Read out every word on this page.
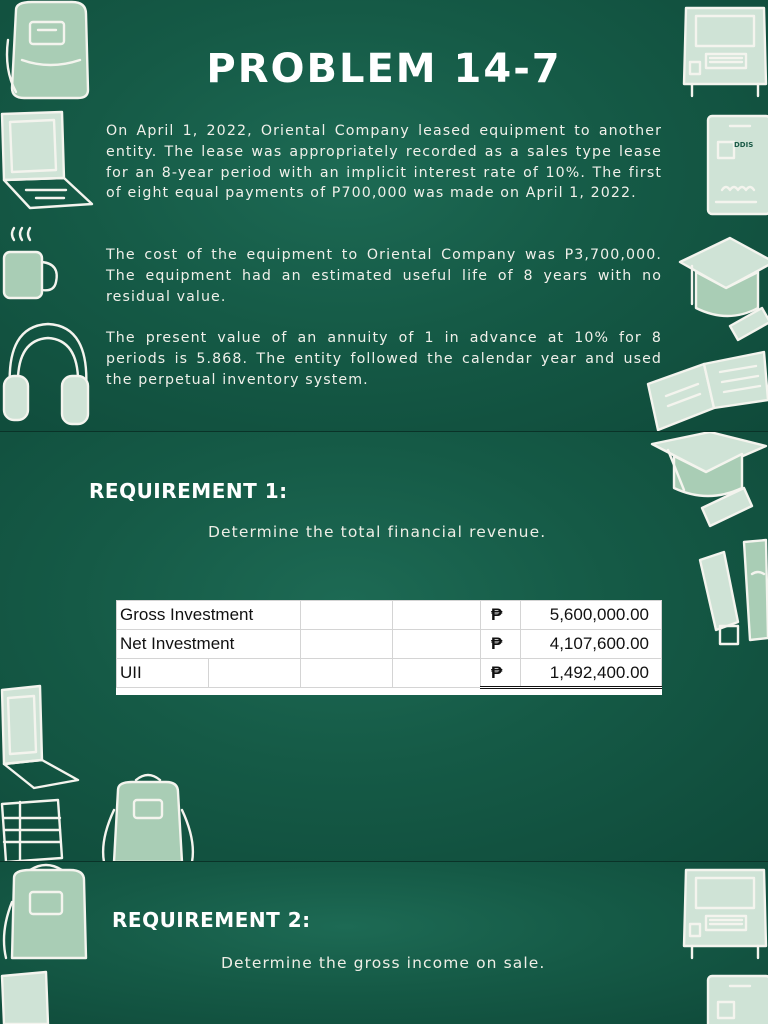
DDIS
PROBLEM 14-7

On April 1, 2022, Oriental Company leased equipment to another entity. The lease was appropriately recorded as a sales type lease for an 8-year period with an implicit interest rate of 10%. The first of eight equal payments of P700,000 was made on April 1, 2022.

The cost of the equipment to Oriental Company was P3,700,000. The equipment had an estimated useful life of 8 years with no residual value.

The present value of an annuity of 1 in advance at 10% for 8 periods is 5.868. The entity followed the calendar year and used the perpetual inventory system.

REQUIREMENT 1:

Determine the total financial revenue.

Gross Investment				₱	5,600,000.00
Net Investment				₱	4,107,600.00
UII				₱	1,492,400.00
REQUIREMENT 2:

Determine the gross income on sale.
